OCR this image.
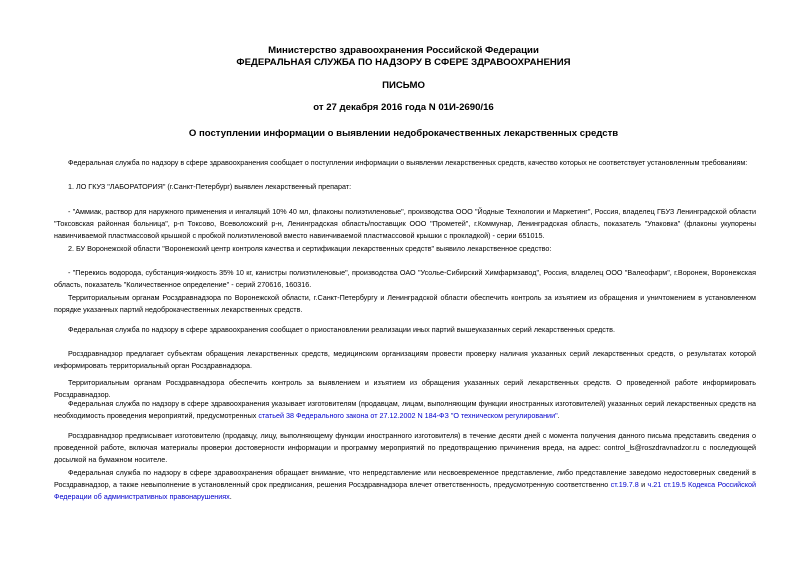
Министерство здравоохранения Российской Федерации
ФЕДЕРАЛЬНАЯ СЛУЖБА ПО НАДЗОРУ В СФЕРЕ ЗДРАВООХРАНЕНИЯ
ПИСЬМО
от 27 декабря 2016 года N 01И-2690/16
О поступлении информации о выявлении недоброкачественных лекарственных средств

Федеральная служба по надзору в сфере здравоохранения сообщает о поступлении информации о выявлении лекарственных средств, качество которых не соответствует установленным требованиям:

1. ЛО ГКУЗ "ЛАБОРАТОРИЯ" (г.Санкт-Петербург) выявлен лекарственный препарат:

- "Аммиак, раствор для наружного применения и ингаляций 10% 40 мл, флаконы полиэтиленовые", производства ООО "Йодные Технологии и Маркетинг", Россия, владелец ГБУЗ Ленинградской области "Токсовская районная больница", р-п Токсово, Всеволожский р-н, Ленинградская область/поставщик ООО "Прометей", г.Коммунар, Ленинградская область, показатель "Упаковка" (флаконы укупорены навинчиваемой пластмассовой крышкой с пробкой полиэтиленовой вместо навинчиваемой пластмассовой крышки с прокладкой) - серии 651015.

2. БУ Воронежской области "Воронежский центр контроля качества и сертификации лекарственных средств" выявило лекарственное средство:

- "Перекись водорода, субстанция-жидкость 35% 10 кг, канистры полиэтиленовые", производства ОАО "Усолье-Сибирский Химфармзавод", Россия, владелец ООО "Валеофарм", г.Воронеж, Воронежская область, показатель "Количественное определение" - серий 270616, 160316.

Территориальным органам Росздравнадзора по Воронежской области, г.Санкт-Петербургу и Ленинградской области обеспечить контроль за изъятием из обращения и уничтожением в установленном порядке указанных партий недоброкачественных лекарственных средств.

Федеральная служба по надзору в сфере здравоохранения сообщает о приостановлении реализации иных партий вышеуказанных серий лекарственных средств.

Росздравнадзор предлагает субъектам обращения лекарственных средств, медицинским организациям провести проверку наличия указанных серий лекарственных средств, о результатах которой информировать территориальный орган Росздравнадзора.

Территориальным органам Росздравнадзора обеспечить контроль за выявлением и изъятием из обращения указанных серий лекарственных средств. О проведенной работе информировать Росздравнадзор.

Федеральная служба по надзору в сфере здравоохранения указывает изготовителям (продавцам, лицам, выполняющим функции иностранных изготовителей) указанных серий лекарственных средств на необходимость проведения мероприятий, предусмотренных статьей 38 Федерального закона от 27.12.2002 N 184-ФЗ "О техническом регулировании".

Росздравнадзор предписывает изготовителю (продавцу, лицу, выполняющему функции иностранного изготовителя) в течение десяти дней с момента получения данного письма представить сведения о проведенной работе, включая материалы проверки достоверности информации и программу мероприятий по предотвращению причинения вреда, на адрес: control_ls@roszdravnadzor.ru с последующей досылкой на бумажном носителе.

Федеральная служба по надзору в сфере здравоохранения обращает внимание, что непредставление или несвоевременное представление, либо представление заведомо недостоверных сведений в Росздравнадзор, а также невыполнение в установленный срок предписания, решения Росздравнадзора влечет ответственность, предусмотренную соответственно ст.19.7.8 и ч.21 ст.19.5 Кодекса Российской Федерации об административных правонарушениях.
